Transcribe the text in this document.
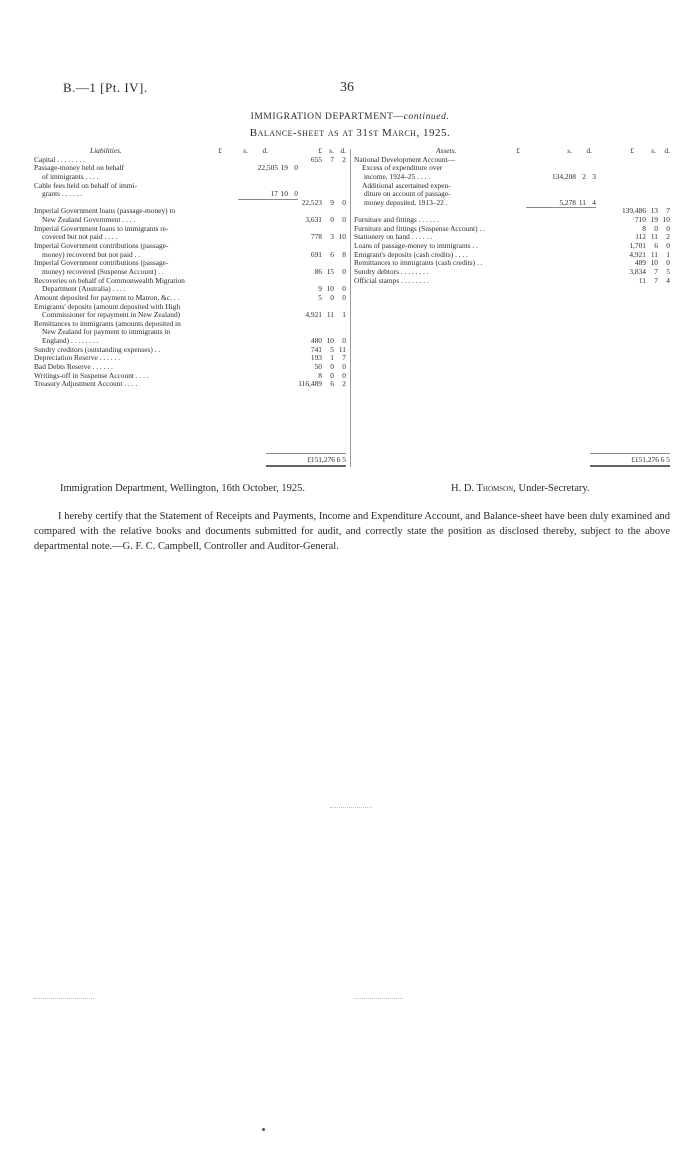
B.—1 [Pt. IV].	36
IMMIGRATION DEPARTMENT—continued.
Balance-sheet as at 31st March, 1925.
Liabilities.	£	s. d.	£ s. d.
Capital . . . . . . . .	655	7	2
Passage-money held on behalf	22,505 19 0
of immigrants . . . .
Cable fees held on behalf of immi-
grants . . . . . .	17 10 0
22,523	9	0
Imperial Government loans (passage-money) to
New Zealand Government . . . .	3,631	0	0
Imperial Government loans to immigrants re-
covered but not paid . . . .	778	3 10
Imperial Government contributions (passage-
money) recovered but not paid . .	691	6	8
Imperial Government contributions (passage-
money) recovered (Suspense Account) . .	86 15	0
Recoveries on behalf of Commonwealth Migration
Department (Australia) . . . .	9 10	0
Amount deposited for payment to Matron, &c. . .	5	0	0
Emigrants' deposits (amount deposited with High
Commissioner for repayment in New Zealand)	4,921 11	1
Remittances to immigrants (amounts deposited in
New Zealand for payment to immigrants in
England) . . . . . . . .	480 10	0
Sundry creditors (outstanding expenses) . .	741	5 11
Depreciation Reserve . . . . . .	193	1	7
Bad Debts Reserve . . . . . .	50	0	0
Writings-off in Suspense Account . . . .	8	0	0
Treasury Adjustment Account . . . .	116,489	6	2
Assets.	£	s. d.	£ s. d.
National Development Account—
Excess of expenditure over
income, 1924–25 . . . .	134,208 2 3
Additional ascertained expen-
diture on account of passage-
money deposited, 1913–22 .	5,278 11 4
139,486 13	7
Furniture and fittings . . . . . .	710 19 10
Furniture and fittings (Suspense Account) . .	8	0	0
Stationery on hand . . . . . .	112 11	2
Loans of passage-money to immigrants . .	1,701	6	0
Emigrant's deposits (cash credits) . . . .	4,921 11	1
Remittances to immigrants (cash credits) . .	489 10	0
Sundry debtors . . . . . . . .	3,834	7	5
Official stamps . . . . . . . .	11	7	4
£151,276 6 5	£151,276 6 5
Immigration Department, Wellington, 16th October, 1925.	H. D. Thomson, Under-Secretary.
I hereby certify that the Statement of Receipts and Payments, Income and Expenditure Account, and Balance-sheet have been duly examined and compared with the relative books and documents submitted for audit, and correctly state the position as disclosed thereby, subject to the above departmental note.—G. F. C. Campbell, Controller and Auditor-General.
